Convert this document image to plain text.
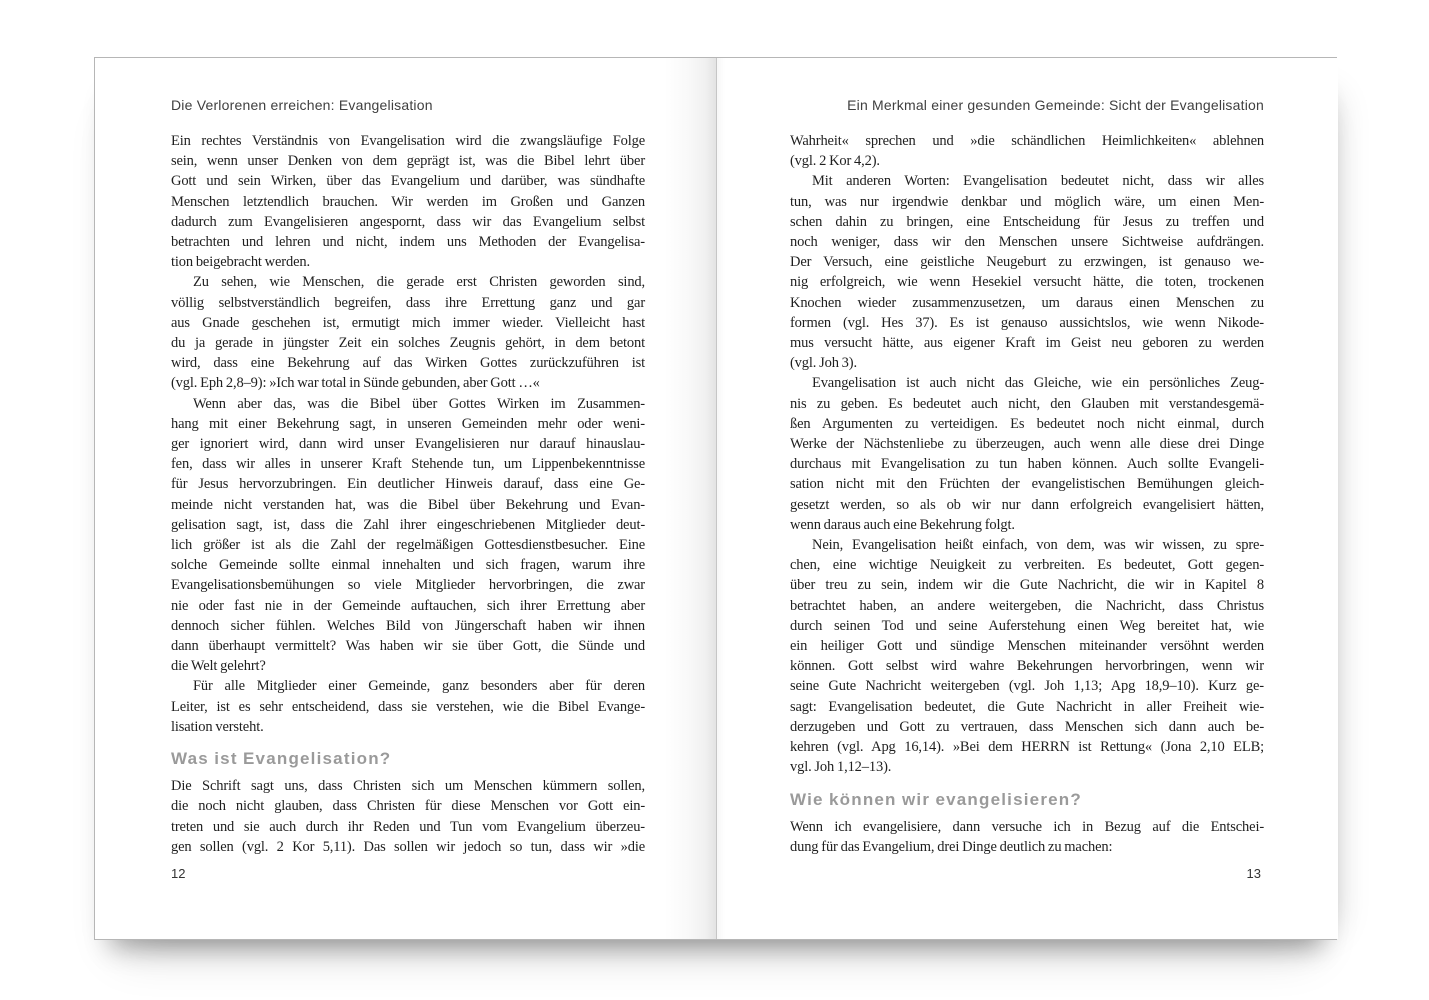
Die Verlorenen erreichen: Evangelisation
Ein rechtes Verständnis von Evangelisation wird die zwangsläufige Folge
sein, wenn unser Denken von dem geprägt ist, was die Bibel lehrt über
Gott und sein Wirken, über das Evangelium und darüber, was sündhafte
Menschen letztendlich brauchen. Wir werden im Großen und Ganzen
dadurch zum Evangelisieren angespornt, dass wir das Evangelium selbst
betrachten und lehren und nicht, indem uns Methoden der Evangelisa-
tion beigebracht werden.
Zu sehen, wie Menschen, die gerade erst Christen geworden sind,
völlig selbstverständlich begreifen, dass ihre Errettung ganz und gar
aus Gnade geschehen ist, ermutigt mich immer wieder. Vielleicht hast
du ja gerade in jüngster Zeit ein solches Zeugnis gehört, in dem betont
wird, dass eine Bekehrung auf das Wirken Gottes zurückzuführen ist
(vgl. Eph 2,8–9): »Ich war total in Sünde gebunden, aber Gott …«
Wenn aber das, was die Bibel über Gottes Wirken im Zusammen-
hang mit einer Bekehrung sagt, in unseren Gemeinden mehr oder weni-
ger ignoriert wird, dann wird unser Evangelisieren nur darauf hinauslau-
fen, dass wir alles in unserer Kraft Stehende tun, um Lippenbekenntnisse
für Jesus hervorzubringen. Ein deutlicher Hinweis darauf, dass eine Ge-
meinde nicht verstanden hat, was die Bibel über Bekehrung und Evan-
gelisation sagt, ist, dass die Zahl ihrer eingeschriebenen Mitglieder deut-
lich größer ist als die Zahl der regelmäßigen Gottesdienstbesucher. Eine
solche Gemeinde sollte einmal innehalten und sich fragen, warum ihre
Evangelisationsbemühungen so viele Mitglieder hervorbringen, die zwar
nie oder fast nie in der Gemeinde auftauchen, sich ihrer Errettung aber
dennoch sicher fühlen. Welches Bild von Jüngerschaft haben wir ihnen
dann überhaupt vermittelt? Was haben wir sie über Gott, die Sünde und
die Welt gelehrt?
Für alle Mitglieder einer Gemeinde, ganz besonders aber für deren
Leiter, ist es sehr entscheidend, dass sie verstehen, wie die Bibel Evange-
lisation versteht.
Was ist Evangelisation?
Die Schrift sagt uns, dass Christen sich um Menschen kümmern sollen,
die noch nicht glauben, dass Christen für diese Menschen vor Gott ein-
treten und sie auch durch ihr Reden und Tun vom Evangelium überzeu-
gen sollen (vgl. 2 Kor 5,11). Das sollen wir jedoch so tun, dass wir »die
12
Ein Merkmal einer gesunden Gemeinde: Sicht der Evangelisation
Wahrheit« sprechen und »die schändlichen Heimlichkeiten« ablehnen
(vgl. 2 Kor 4,2).
Mit anderen Worten: Evangelisation bedeutet nicht, dass wir alles
tun, was nur irgendwie denkbar und möglich wäre, um einen Men-
schen dahin zu bringen, eine Entscheidung für Jesus zu treffen und
noch weniger, dass wir den Menschen unsere Sichtweise aufdrängen.
Der Versuch, eine geistliche Neugeburt zu erzwingen, ist genauso we-
nig erfolgreich, wie wenn Hesekiel versucht hätte, die toten, trockenen
Knochen wieder zusammenzusetzen, um daraus einen Menschen zu
formen (vgl. Hes 37). Es ist genauso aussichtslos, wie wenn Nikode-
mus versucht hätte, aus eigener Kraft im Geist neu geboren zu werden
(vgl. Joh 3).
Evangelisation ist auch nicht das Gleiche, wie ein persönliches Zeug-
nis zu geben. Es bedeutet auch nicht, den Glauben mit verstandesgemä-
ßen Argumenten zu verteidigen. Es bedeutet noch nicht einmal, durch
Werke der Nächstenliebe zu überzeugen, auch wenn alle diese drei Dinge
durchaus mit Evangelisation zu tun haben können. Auch sollte Evangeli-
sation nicht mit den Früchten der evangelistischen Bemühungen gleich-
gesetzt werden, so als ob wir nur dann erfolgreich evangelisiert hätten,
wenn daraus auch eine Bekehrung folgt.
Nein, Evangelisation heißt einfach, von dem, was wir wissen, zu spre-
chen, eine wichtige Neuigkeit zu verbreiten. Es bedeutet, Gott gegen-
über treu zu sein, indem wir die Gute Nachricht, die wir in Kapitel 8
betrachtet haben, an andere weitergeben, die Nachricht, dass Christus
durch seinen Tod und seine Auferstehung einen Weg bereitet hat, wie
ein heiliger Gott und sündige Menschen miteinander versöhnt werden
können. Gott selbst wird wahre Bekehrungen hervorbringen, wenn wir
seine Gute Nachricht weitergeben (vgl. Joh 1,13; Apg 18,9–10). Kurz ge-
sagt: Evangelisation bedeutet, die Gute Nachricht in aller Freiheit wie-
derzugeben und Gott zu vertrauen, dass Menschen sich dann auch be-
kehren (vgl. Apg 16,14). »Bei dem HERRN ist Rettung« (Jona 2,10 ELB;
vgl. Joh 1,12–13).
Wie können wir evangelisieren?
Wenn ich evangelisiere, dann versuche ich in Bezug auf die Entschei-
dung für das Evangelium, drei Dinge deutlich zu machen:
13
